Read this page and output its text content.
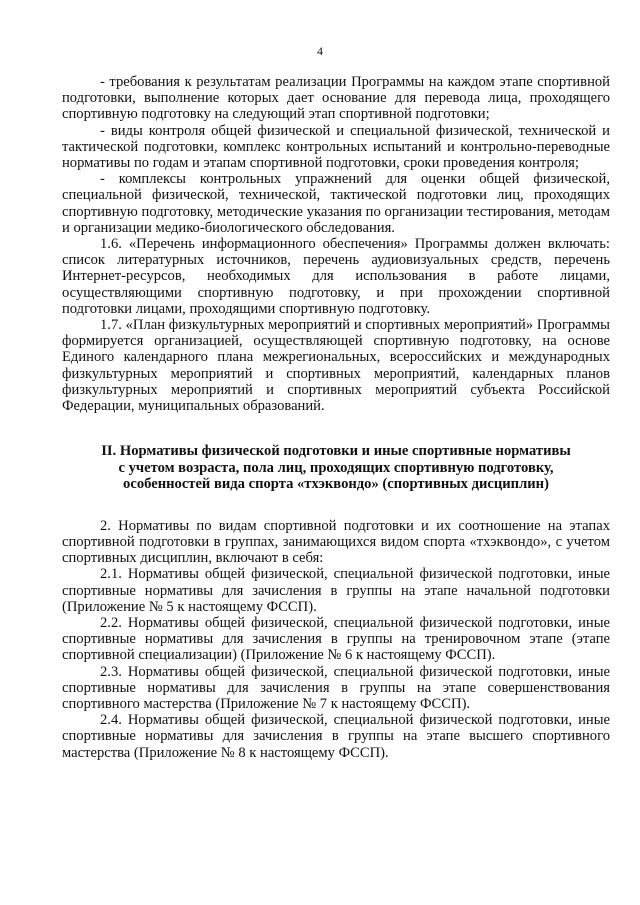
4

- требования к результатам реализации Программы на каждом этапе спортивной подготовки, выполнение которых дает основание для перевода лица, проходящего спортивную подготовку на следующий этап спортивной подготовки;

- виды контроля общей физической и специальной физической, технической и тактической подготовки, комплекс контрольных испытаний и контрольно-переводные нормативы по годам и этапам спортивной подготовки, сроки проведения контроля;

- комплексы контрольных упражнений для оценки общей физической, специальной физической, технической, тактической подготовки лиц, проходящих спортивную подготовку, методические указания по организации тестирования, методам и организации медико-биологического обследования.

1.6. «Перечень информационного обеспечения» Программы должен включать: список литературных источников, перечень аудиовизуальных средств, перечень Интернет-ресурсов, необходимых для использования в работе лицами, осуществляющими спортивную подготовку, и при прохождении спортивной подготовки лицами, проходящими спортивную подготовку.

1.7. «План физкультурных мероприятий и спортивных мероприятий» Программы формируется организацией, осуществляющей спортивную подготовку, на основе Единого календарного плана межрегиональных, всероссийских и международных физкультурных мероприятий и спортивных мероприятий, календарных планов физкультурных мероприятий и спортивных мероприятий субъекта Российской Федерации, муниципальных образований.

II. Нормативы физической подготовки и иные спортивные нормативы
с учетом возраста, пола лиц, проходящих спортивную подготовку,
особенностей вида спорта «тхэквондо» (спортивных дисциплин)

2. Нормативы по видам спортивной подготовки и их соотношение на этапах спортивной подготовки в группах, занимающихся видом спорта «тхэквондо», с учетом спортивных дисциплин, включают в себя:

2.1. Нормативы общей физической, специальной физической подготовки, иные спортивные нормативы для зачисления в группы на этапе начальной подготовки (Приложение № 5 к настоящему ФССП).

2.2. Нормативы общей физической, специальной физической подготовки, иные спортивные нормативы для зачисления в группы на тренировочном этапе (этапе спортивной специализации) (Приложение № 6 к настоящему ФССП).

2.3. Нормативы общей физической, специальной физической подготовки, иные спортивные нормативы для зачисления в группы на этапе совершенствования спортивного мастерства (Приложение № 7 к настоящему ФССП).

2.4. Нормативы общей физической, специальной физической подготовки, иные спортивные нормативы для зачисления в группы на этапе высшего спортивного мастерства (Приложение № 8 к настоящему ФССП).
